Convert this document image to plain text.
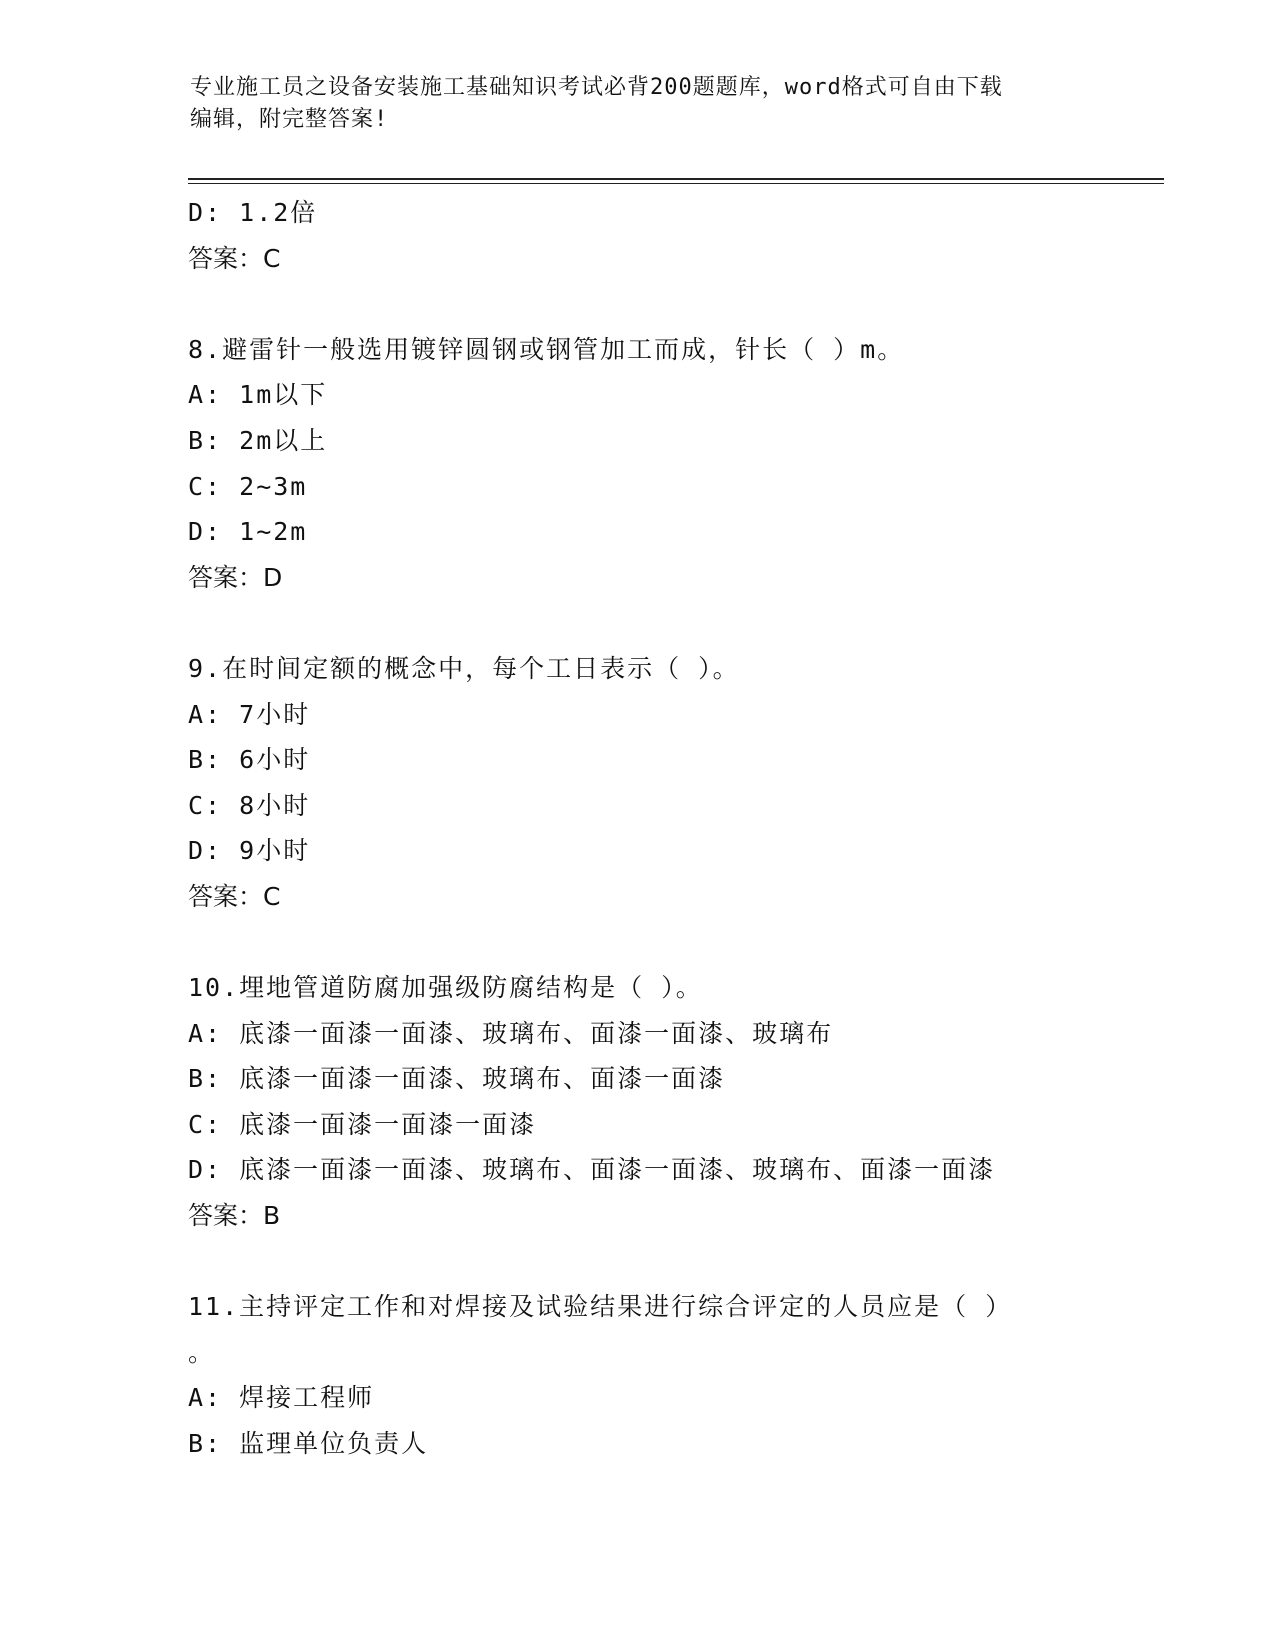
专业施工员之设备安装施工基础知识考试必背200题题库，word格式可自由下载
编辑，附完整答案!
D: 1.2倍
答案：C
8.避雷针一般选用镀锌圆钢或钢管加工而成，针长（ ）m。
A: 1m以下
B: 2m以上
C: 2~3m
D: 1~2m
答案：D
9.在时间定额的概念中，每个工日表示（ ）。
A: 7小时
B: 6小时
C: 8小时
D: 9小时
答案：C
10.埋地管道防腐加强级防腐结构是（ ）。
A: 底漆一面漆一面漆、玻璃布、面漆一面漆、玻璃布
B: 底漆一面漆一面漆、玻璃布、面漆一面漆
C: 底漆一面漆一面漆一面漆
D: 底漆一面漆一面漆、玻璃布、面漆一面漆、玻璃布、面漆一面漆
答案：B
11.主持评定工作和对焊接及试验结果进行综合评定的人员应是（ ）
。
A: 焊接工程师
B: 监理单位负责人
